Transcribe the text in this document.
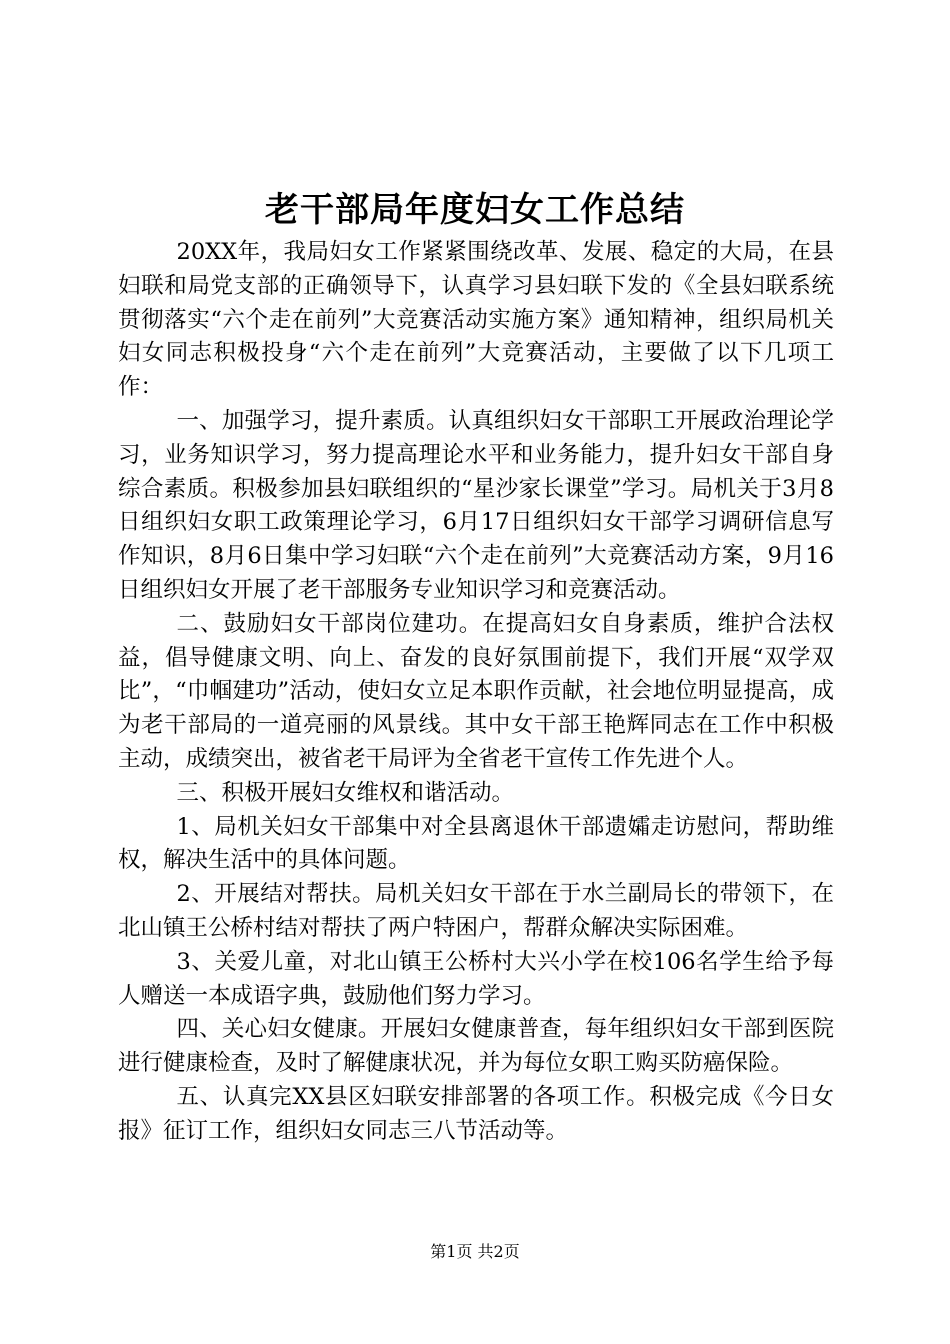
老干部局年度妇女工作总结

20XX年，我局妇女工作紧紧围绕改革、发展、稳定的大局，在县妇联和局党支部的正确领导下，认真学习县妇联下发的《全县妇联系统贯彻落实“六个走在前列”大竞赛活动实施方案》通知精神，组织局机关妇女同志积极投身“六个走在前列”大竞赛活动，主要做了以下几项工作：

一、加强学习，提升素质。认真组织妇女干部职工开展政治理论学习，业务知识学习，努力提高理论水平和业务能力，提升妇女干部自身综合素质。积极参加县妇联组织的“星沙家长课堂”学习。局机关于3月8日组织妇女职工政策理论学习，6月17日组织妇女干部学习调研信息写作知识，8月6日集中学习妇联“六个走在前列”大竞赛活动方案，9月16日组织妇女开展了老干部服务专业知识学习和竞赛活动。

二、鼓励妇女干部岗位建功。在提高妇女自身素质，维护合法权益，倡导健康文明、向上、奋发的良好氛围前提下，我们开展“双学双比”，“巾帼建功”活动，使妇女立足本职作贡献，社会地位明显提高，成为老干部局的一道亮丽的风景线。其中女干部王艳辉同志在工作中积极主动，成绩突出，被省老干局评为全省老干宣传工作先进个人。

三、积极开展妇女维权和谐活动。

1、局机关妇女干部集中对全县离退休干部遗孀走访慰问，帮助维权，解决生活中的具体问题。

2、开展结对帮扶。局机关妇女干部在于水兰副局长的带领下，在北山镇王公桥村结对帮扶了两户特困户，帮群众解决实际困难。

3、关爱儿童，对北山镇王公桥村大兴小学在校106名学生给予每人赠送一本成语字典，鼓励他们努力学习。

四、关心妇女健康。开展妇女健康普查，每年组织妇女干部到医院进行健康检查，及时了解健康状况，并为每位女职工购买防癌保险。

五、认真完XX县区妇联安排部署的各项工作。积极完成《今日女报》征订工作，组织妇女同志三八节活动等。

第1页 共2页
